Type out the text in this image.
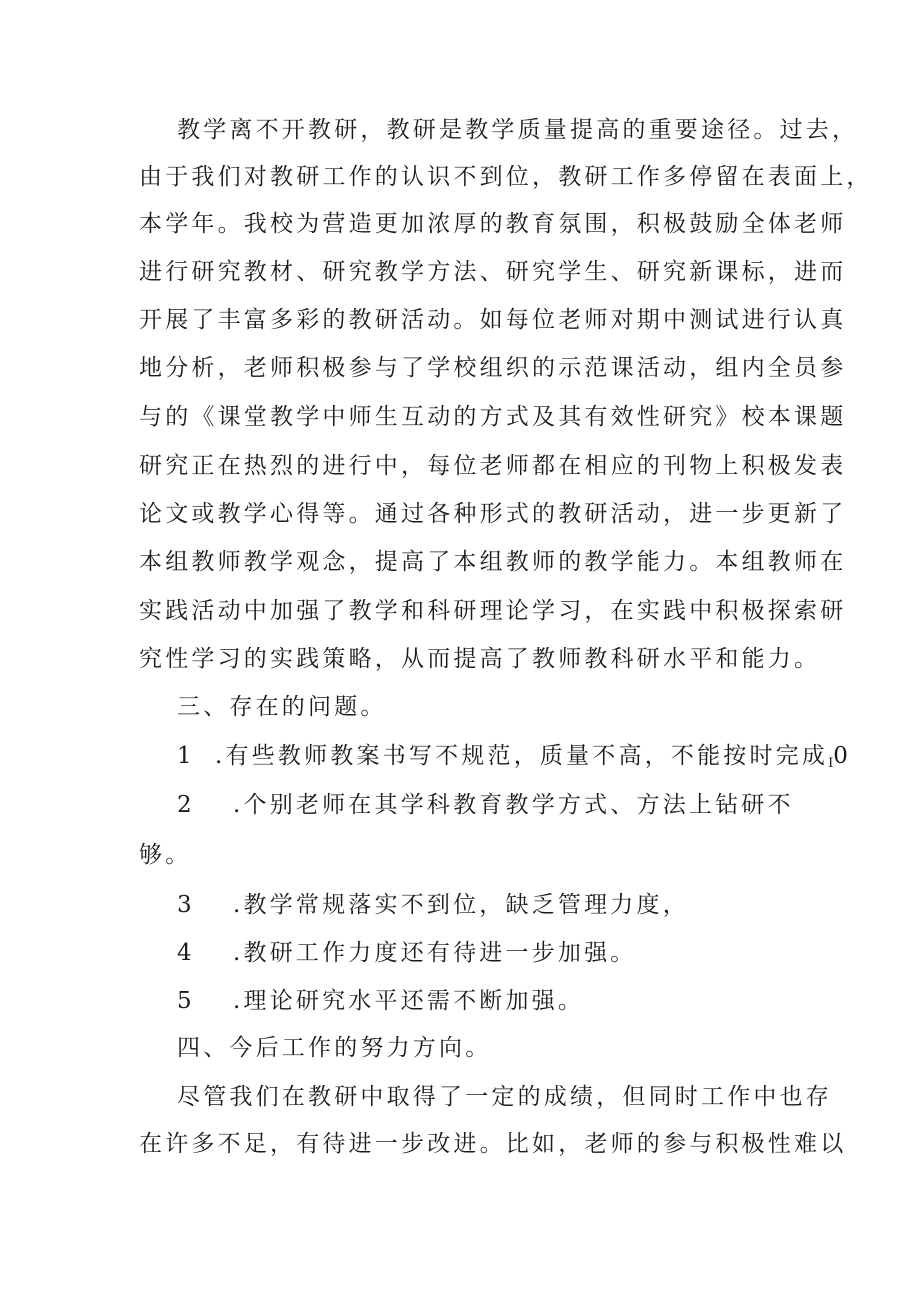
教学离不开教研，教研是教学质量提高的重要途径。过去，
由于我们对教研工作的认识不到位，教研工作多停留在表面上，
本学年。我校为营造更加浓厚的教育氛围，积极鼓励全体老师
进行研究教材、研究教学方法、研究学生、研究新课标，进而
开展了丰富多彩的教研活动。如每位老师对期中测试进行认真
地分析，老师积极参与了学校组织的示范课活动，组内全员参
与的《课堂教学中师生互动的方式及其有效性研究》校本课题
研究正在热烈的进行中，每位老师都在相应的刊物上积极发表
论文或教学心得等。通过各种形式的教研活动，进一步更新了
本组教师教学观念，提高了本组教师的教学能力。本组教师在
实践活动中加强了教学和科研理论学习，在实践中积极探索研
究性学习的实践策略，从而提高了教师教科研水平和能力。
三、存在的问题。
1 .有些教师教案书写不规范，质量不高，不能按时完成I0
2 .个别老师在其学科教育教学方式、方法上钻研不
够。
3 .教学常规落实不到位，缺乏管理力度，
4 .教研工作力度还有待进一步加强。
5 .理论研究水平还需不断加强。
四、今后工作的努力方向。
尽管我们在教研中取得了一定的成绩，但同时工作中也存
在许多不足，有待进一步改进。比如，老师的参与积极性难以
